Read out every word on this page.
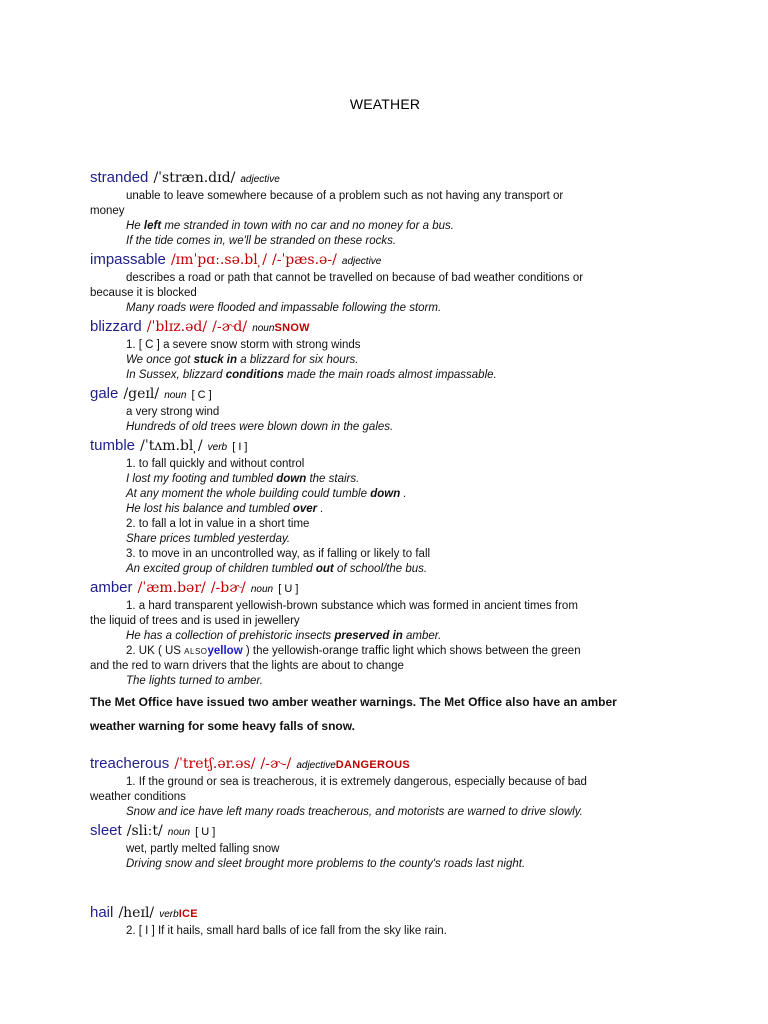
WEATHER
stranded /ˈstræn.dɪd/ adjective
unable to leave somewhere because of a problem such as not having any transport or
money
He left me stranded in town with no car and no money for a bus.
If the tide comes in, we'll be stranded on these rocks.
impassable /ɪmˈpɑː.sə.bl ̩/ /-ˈpæs.ə-/ adjective
describes a road or path that cannot be travelled on because of bad weather conditions or
because it is blocked
Many roads were flooded and impassable following the storm.
blizzard /ˈblɪz.əd/ /-ɚd/ nounSNOW
1. [ C ] a severe snow storm with strong winds
We once got stuck in a blizzard for six hours.
In Sussex, blizzard conditions made the main roads almost impassable.
gale /geɪl/ noun [ C ]
a very strong wind
Hundreds of old trees were blown down in the gales.
tumble /ˈtʌm.bl ̩/ verb [ I ]
1. to fall quickly and without control
I lost my footing and tumbled down the stairs.
At any moment the whole building could tumble down .
He lost his balance and tumbled over .
2. to fall a lot in value in a short time
Share prices tumbled yesterday.
3. to move in an uncontrolled way, as if falling or likely to fall
An excited group of children tumbled out of school/the bus.
amber /ˈæm.bər/ /-bɚ/ noun [ U ]
1. a hard transparent yellowish-brown substance which was formed in ancient times from
the liquid of trees and is used in jewellery
He has a collection of prehistoric insects preserved in amber.
2. UK ( US ALSOyellow ) the yellowish-orange traffic light which shows between the green
and the red to warn drivers that the lights are about to change
The lights turned to amber.
The Met Office have issued two amber weather warnings. The Met Office also have an amber
weather warning for some heavy falls of snow.
treacherous /ˈtretʃ.ər.əs/ /-ɚ-/ adjectiveDANGEROUS
1. If the ground or sea is treacherous, it is extremely dangerous, especially because of bad
weather conditions
Snow and ice have left many roads treacherous, and motorists are warned to drive slowly.
sleet /sliːt/ noun [ U ]
wet, partly melted falling snow
Driving snow and sleet brought more problems to the county's roads last night.
hail /heɪl/ verbICE
2. [ I ] If it hails, small hard balls of ice fall from the sky like rain.
